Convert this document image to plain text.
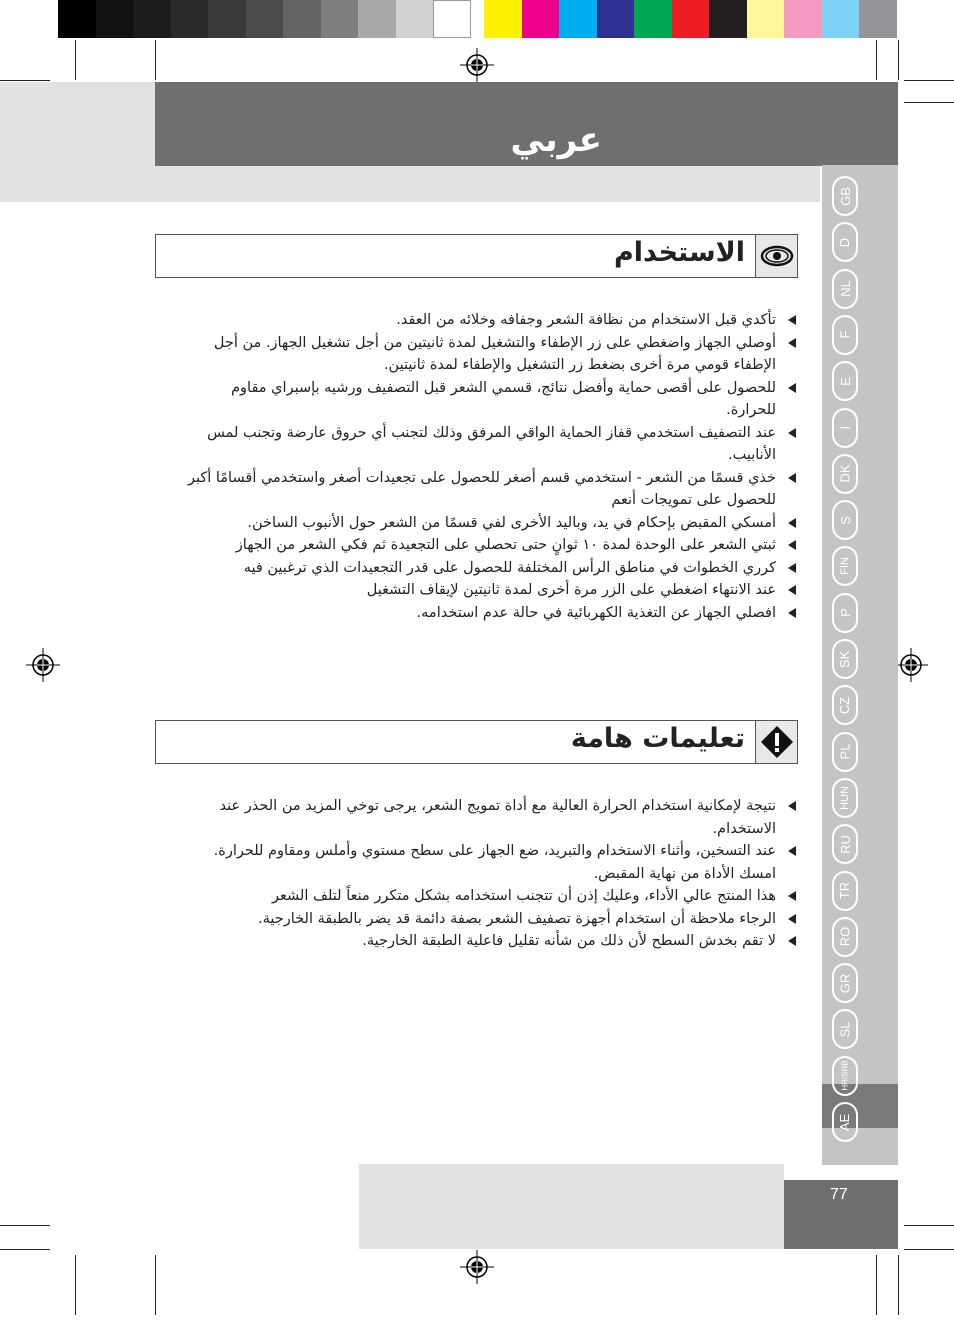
عربي
GB
D
NL
F
E
I
DK
S
FIN
P
SK
CZ
PL
HUN
RU
TR
RO
GR
SL
HR/SRB
AE
الاستخدام
تأكدي قبل الاستخدام من نظافة الشعر وجفافه وخلائه من العقد.
أوصلي الجهاز واضغطي على زر الإطفاء والتشغيل لمدة ثانيتين من أجل تشغيل الجهاز. من أجل الإطفاء قومي مرة أخرى بضغط زر التشغيل والإطفاء لمدة ثانيتين.
للحصول على أقصى حماية وأفضل نتائج، قسمي الشعر قبل التصفيف ورشيه بإسبراي مقاوم للحرارة.
عند التصفيف استخدمي قفاز الحماية الواقي المرفق وذلك لتجنب أي حروق عارضة وتجنب لمس الأنابيب.
خذي قسمًا من الشعر - استخدمي قسم أصغر للحصول على تجعيدات أصغر واستخدمي أقسامًا أكبر للحصول على تمويجات أنعم
أمسكي المقبض بإحكام في يد، وباليد الأخرى لفي قسمًا من الشعر حول الأنبوب الساخن.
ثبتي الشعر على الوحدة لمدة ١٠ ثوانٍ حتى تحصلي على التجعيدة ثم فكي الشعر من الجهاز
كرري الخطوات في مناطق الرأس المختلفة للحصول على قدر التجعيدات الذي ترغبين فيه
عند الانتهاء اضغطي على الزر مرة أخرى لمدة ثانيتين لإيقاف التشغيل
افصلي الجهاز عن التغذية الكهربائية في حالة عدم استخدامه.
تعليمات هامة
نتيجة لإمكانية استخدام الحرارة العالية مع أداة تمويج الشعر، يرجى توخي المزيد من الحذر عند الاستخدام.
عند التسخين، وأثناء الاستخدام والتبريد، ضع الجهاز على سطح مستوي وأملس ومقاوم للحرارة. امسك الأداة من نهاية المقبض.
هذا المنتج عالي الأداء، وعليك إذن أن تتجنب استخدامه بشكل متكرر منعاً لتلف الشعر
الرجاء ملاحظة أن استخدام أجهزة تصفيف الشعر بصفة دائمة قد يضر بالطبقة الخارجية.
لا تقم بخدش السطح لأن ذلك من شأنه تقليل فاعلية الطبقة الخارجية.
77
